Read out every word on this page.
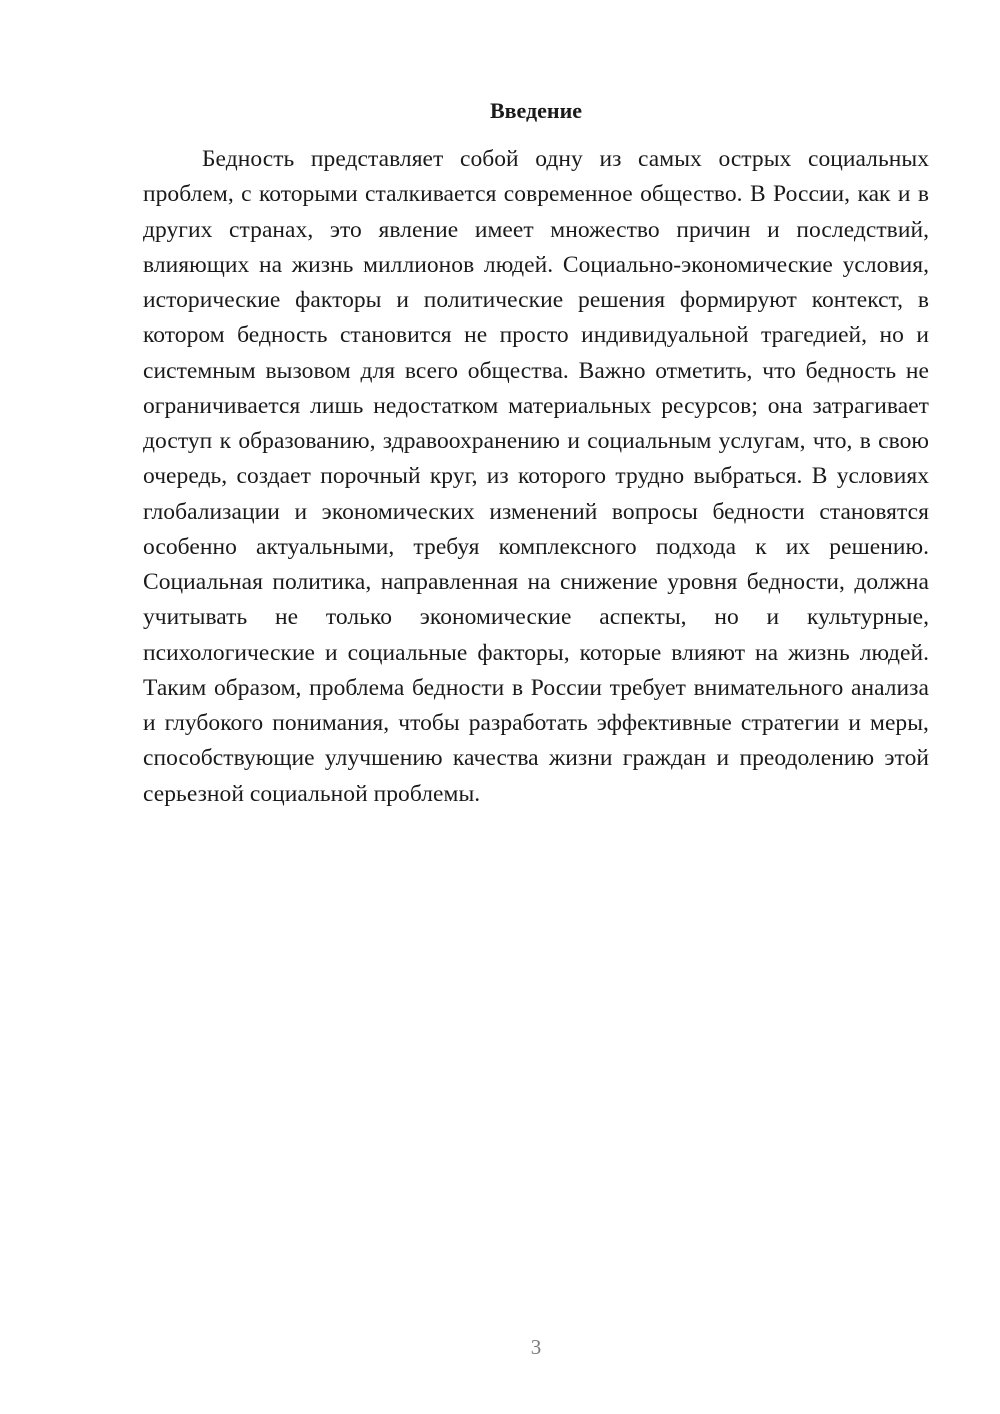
Введение

Бедность представляет собой одну из самых острых социальных проблем, с которыми сталкивается современное общество. В России, как и в других странах, это явление имеет множество причин и последствий, влияющих на жизнь миллионов людей. Социально-экономические условия, исторические факторы и политические решения формируют контекст, в котором бедность становится не просто индивидуальной трагедией, но и системным вызовом для всего общества. Важно отметить, что бедность не ограничивается лишь недостатком материальных ресурсов; она затрагивает доступ к образованию, здравоохранению и социальным услугам, что, в свою очередь, создает порочный круг, из которого трудно выбраться. В условиях глобализации и экономических изменений вопросы бедности становятся особенно актуальными, требуя комплексного подхода к их решению. Социальная политика, направленная на снижение уровня бедности, должна учитывать не только экономические аспекты, но и культурные, психологические и социальные факторы, которые влияют на жизнь людей. Таким образом, проблема бедности в России требует внимательного анализа и глубокого понимания, чтобы разработать эффективные стратегии и меры, способствующие улучшению качества жизни граждан и преодолению этой серьезной социальной проблемы.

3
